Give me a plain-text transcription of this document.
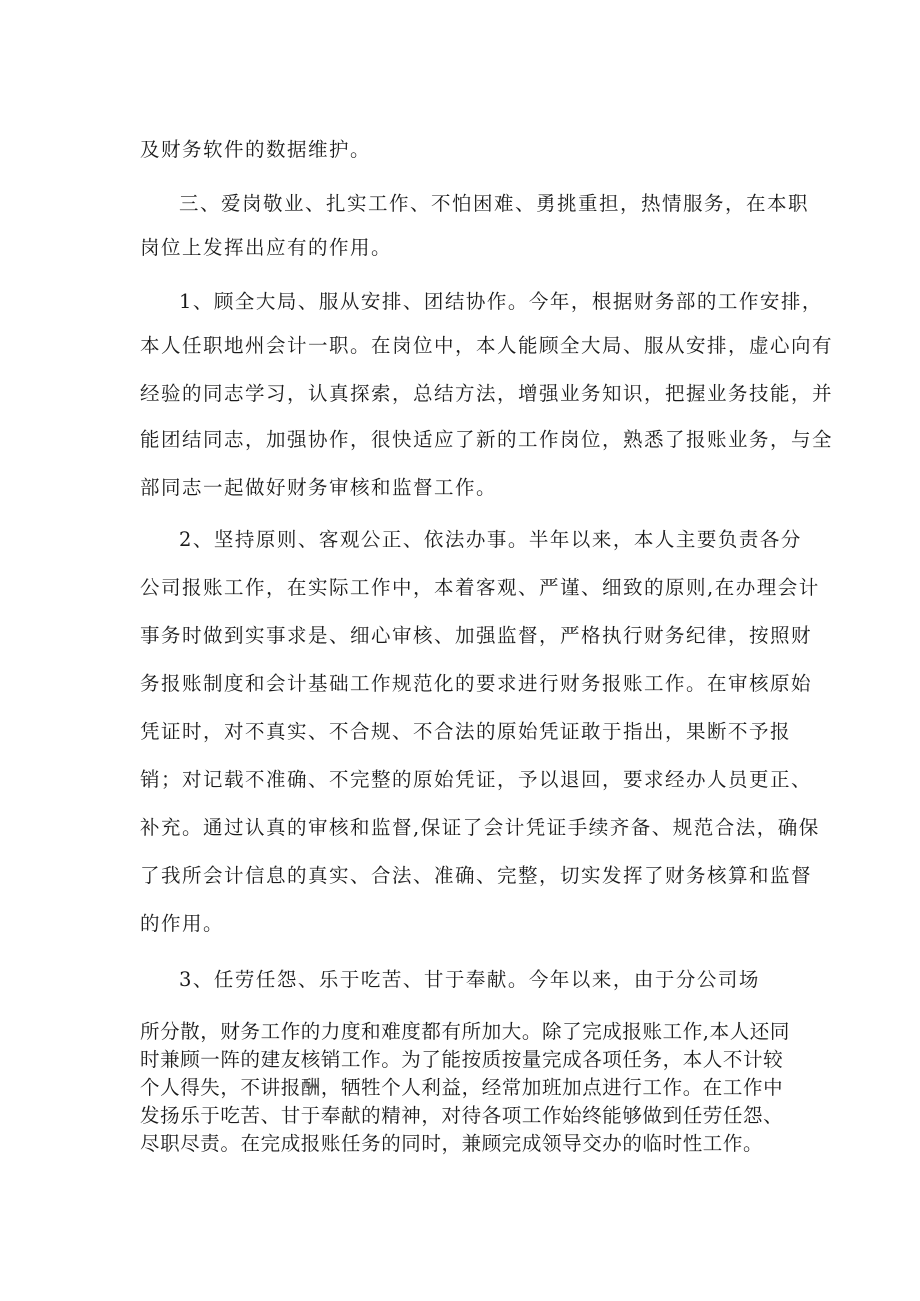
及财务软件的数据维护。

三、爱岗敬业、扎实工作、不怕困难、勇挑重担，热情服务，在本职

岗位上发挥出应有的作用。

1、顾全大局、服从安排、团结协作。今年，根据财务部的工作安排，

本人任职地州会计一职。在岗位中，本人能顾全大局、服从安排，虚心向有

经验的同志学习，认真探索，总结方法，增强业务知识，把握业务技能，并

能团结同志，加强协作，很快适应了新的工作岗位，熟悉了报账业务，与全

部同志一起做好财务审核和监督工作。

2、坚持原则、客观公正、依法办事。半年以来，本人主要负责各分

公司报账工作，在实际工作中，本着客观、严谨、细致的原则,在办理会计

事务时做到实事求是、细心审核、加强监督，严格执行财务纪律，按照财

务报账制度和会计基础工作规范化的要求进行财务报账工作。在审核原始

凭证时，对不真实、不合规、不合法的原始凭证敢于指出，果断不予报

销；对记载不准确、不完整的原始凭证，予以退回，要求经办人员更正、

补充。通过认真的审核和监督,保证了会计凭证手续齐备、规范合法，确保

了我所会计信息的真实、合法、准确、完整，切实发挥了财务核算和监督

的作用。

3、任劳任怨、乐于吃苦、甘于奉献。今年以来，由于分公司场

所分散，财务工作的力度和难度都有所加大。除了完成报账工作,本人还同

时兼顾一阵的建友核销工作。为了能按质按量完成各项任务，本人不计较

个人得失，不讲报酬，牺牲个人利益，经常加班加点进行工作。在工作中

发扬乐于吃苦、甘于奉献的精神，对待各项工作始终能够做到任劳任怨、

尽职尽责。在完成报账任务的同时，兼顾完成领导交办的临时性工作。
